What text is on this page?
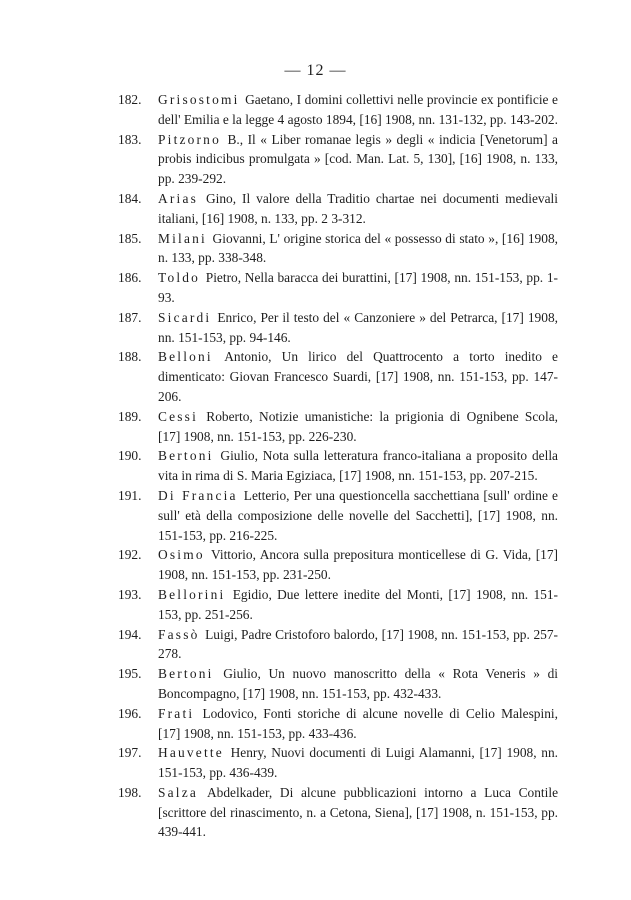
— 12 —
182.	Grisostomi Gaetano, I domini collettivi nelle provincie ex pontificie e dell' Emilia e la legge 4 agosto 1894, [16] 1908, nn. 131-132, pp. 143-202.
183.	Pitzorno B., Il « Liber romanae legis » degli « indicia [Venetorum] a probis indicibus promulgata » [cod. Man. Lat. 5, 130], [16] 1908, n. 133, pp. 239-292.
184.	Arias Gino, Il valore della Traditio chartae nei documenti medievali italiani, [16] 1908, n. 133, pp. 2 3-312.
185.	Milani Giovanni, L' origine storica del « possesso di stato », [16] 1908, n. 133, pp. 338-348.
186.	Toldo Pietro, Nella baracca dei burattini, [17] 1908, nn. 151-153, pp. 1-93.
187.	Sicardi Enrico, Per il testo del « Canzoniere » del Petrarca, [17] 1908, nn. 151-153, pp. 94-146.
188.	Belloni Antonio, Un lirico del Quattrocento a torto inedito e dimenticato: Giovan Francesco Suardi, [17] 1908, nn. 151-153, pp. 147-206.
189.	Cessi Roberto, Notizie umanistiche: la prigionia di Ognibene Scola, [17] 1908, nn. 151-153, pp. 226-230.
190.	Bertoni Giulio, Nota sulla letteratura franco-italiana a proposito della vita in rima di S. Maria Egiziaca, [17] 1908, nn. 151-153, pp. 207-215.
191.	Di Francia Letterio, Per una questioncella sacchettiana [sull' ordine e sull' età della composizione delle novelle del Sacchetti], [17] 1908, nn. 151-153, pp. 216-225.
192.	Osimo Vittorio, Ancora sulla prepositura monticellese di G. Vida, [17] 1908, nn. 151-153, pp. 231-250.
193.	Bellorini Egidio, Due lettere inedite del Monti, [17] 1908, nn. 151-153, pp. 251-256.
194.	Fassò Luigi, Padre Cristoforo balordo, [17] 1908, nn. 151-153, pp. 257-278.
195.	Bertoni Giulio, Un nuovo manoscritto della « Rota Veneris » di Boncompagno, [17] 1908, nn. 151-153, pp. 432-433.
196.	Frati Lodovico, Fonti storiche di alcune novelle di Celio Malespini, [17] 1908, nn. 151-153, pp. 433-436.
197.	Hauvette Henry, Nuovi documenti di Luigi Alamanni, [17] 1908, nn. 151-153, pp. 436-439.
198.	Salza Abdelkader, Di alcune pubblicazioni intorno a Luca Contile [scrittore del rinascimento, n. a Cetona, Siena], [17] 1908, n. 151-153, pp. 439-441.
